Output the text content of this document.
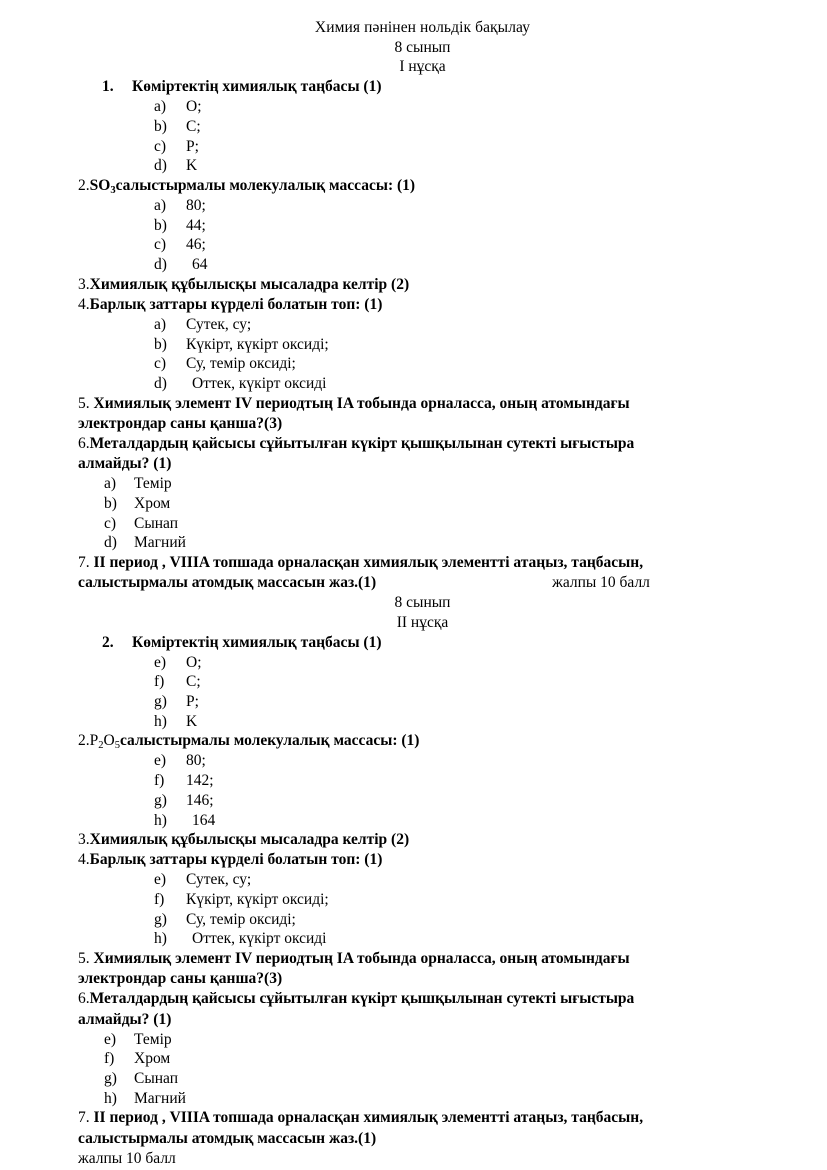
Химия пәнінен нольдік бақылау
8 сынып
I нұсқа
1.	Көміртектің химиялық таңбасы (1)
a)	O;
b)	C;
c)	P;
d)	K
$2.SO_3салыстырмалы$ молекулалық массасы: (1)
a)	80;
b)	44;
c)	46;
d)	64
3.Химиялық құбылысқы мысаладра келтір (2)
4.Барлық заттары күрделі болатын топ: (1)
a)	Сутек, су;
b)	Күкірт, күкірт оксиді;
c)	Су, темір оксиді;
d)	Оттек, күкірт оксиді
5. Химиялық элемент IV периодтың IA тобында орналасса, оның атомындағы
электрондар саны қанша?(3)
6.Металдардың қайсысы сұйытылған күкірт қышқылынан сутекті ығыстыра
алмайды? (1)
a)	Темір
b)	Хром
c)	Сынап
d)	Магний
7. II период , VIIIA топшада орналасқан химиялық элементті атаңыз, таңбасын,
салыстырмалы атомдық массасын жаз.(1)	жалпы 10 балл
8 сынып
II нұсқа
2.	Көміртектің химиялық таңбасы (1)
e)	O;
f)	C;
g)	P;
h)	K
$2.P_2O_5салыстырмалы$ молекулалық массасы: (1)
e)	80;
f)	142;
g)	146;
h)	164
3.Химиялық құбылысқы мысаладра келтір (2)
4.Барлық заттары күрделі болатын топ: (1)
e)	Сутек, су;
f)	Күкірт, күкірт оксиді;
g)	Су, темір оксиді;
h)	Оттек, күкірт оксиді
5. Химиялық элемент IV периодтың IA тобында орналасса, оның атомындағы
электрондар саны қанша?(3)
6.Металдардың қайсысы сұйытылған күкірт қышқылынан сутекті ығыстыра
алмайды? (1)
e)	Темір
f)	Хром
g)	Сынап
h)	Магний
7. II период , VIIIA топшада орналасқан химиялық элементті атаңыз, таңбасын,
салыстырмалы атомдық массасын жаз.(1)
жалпы 10 балл
